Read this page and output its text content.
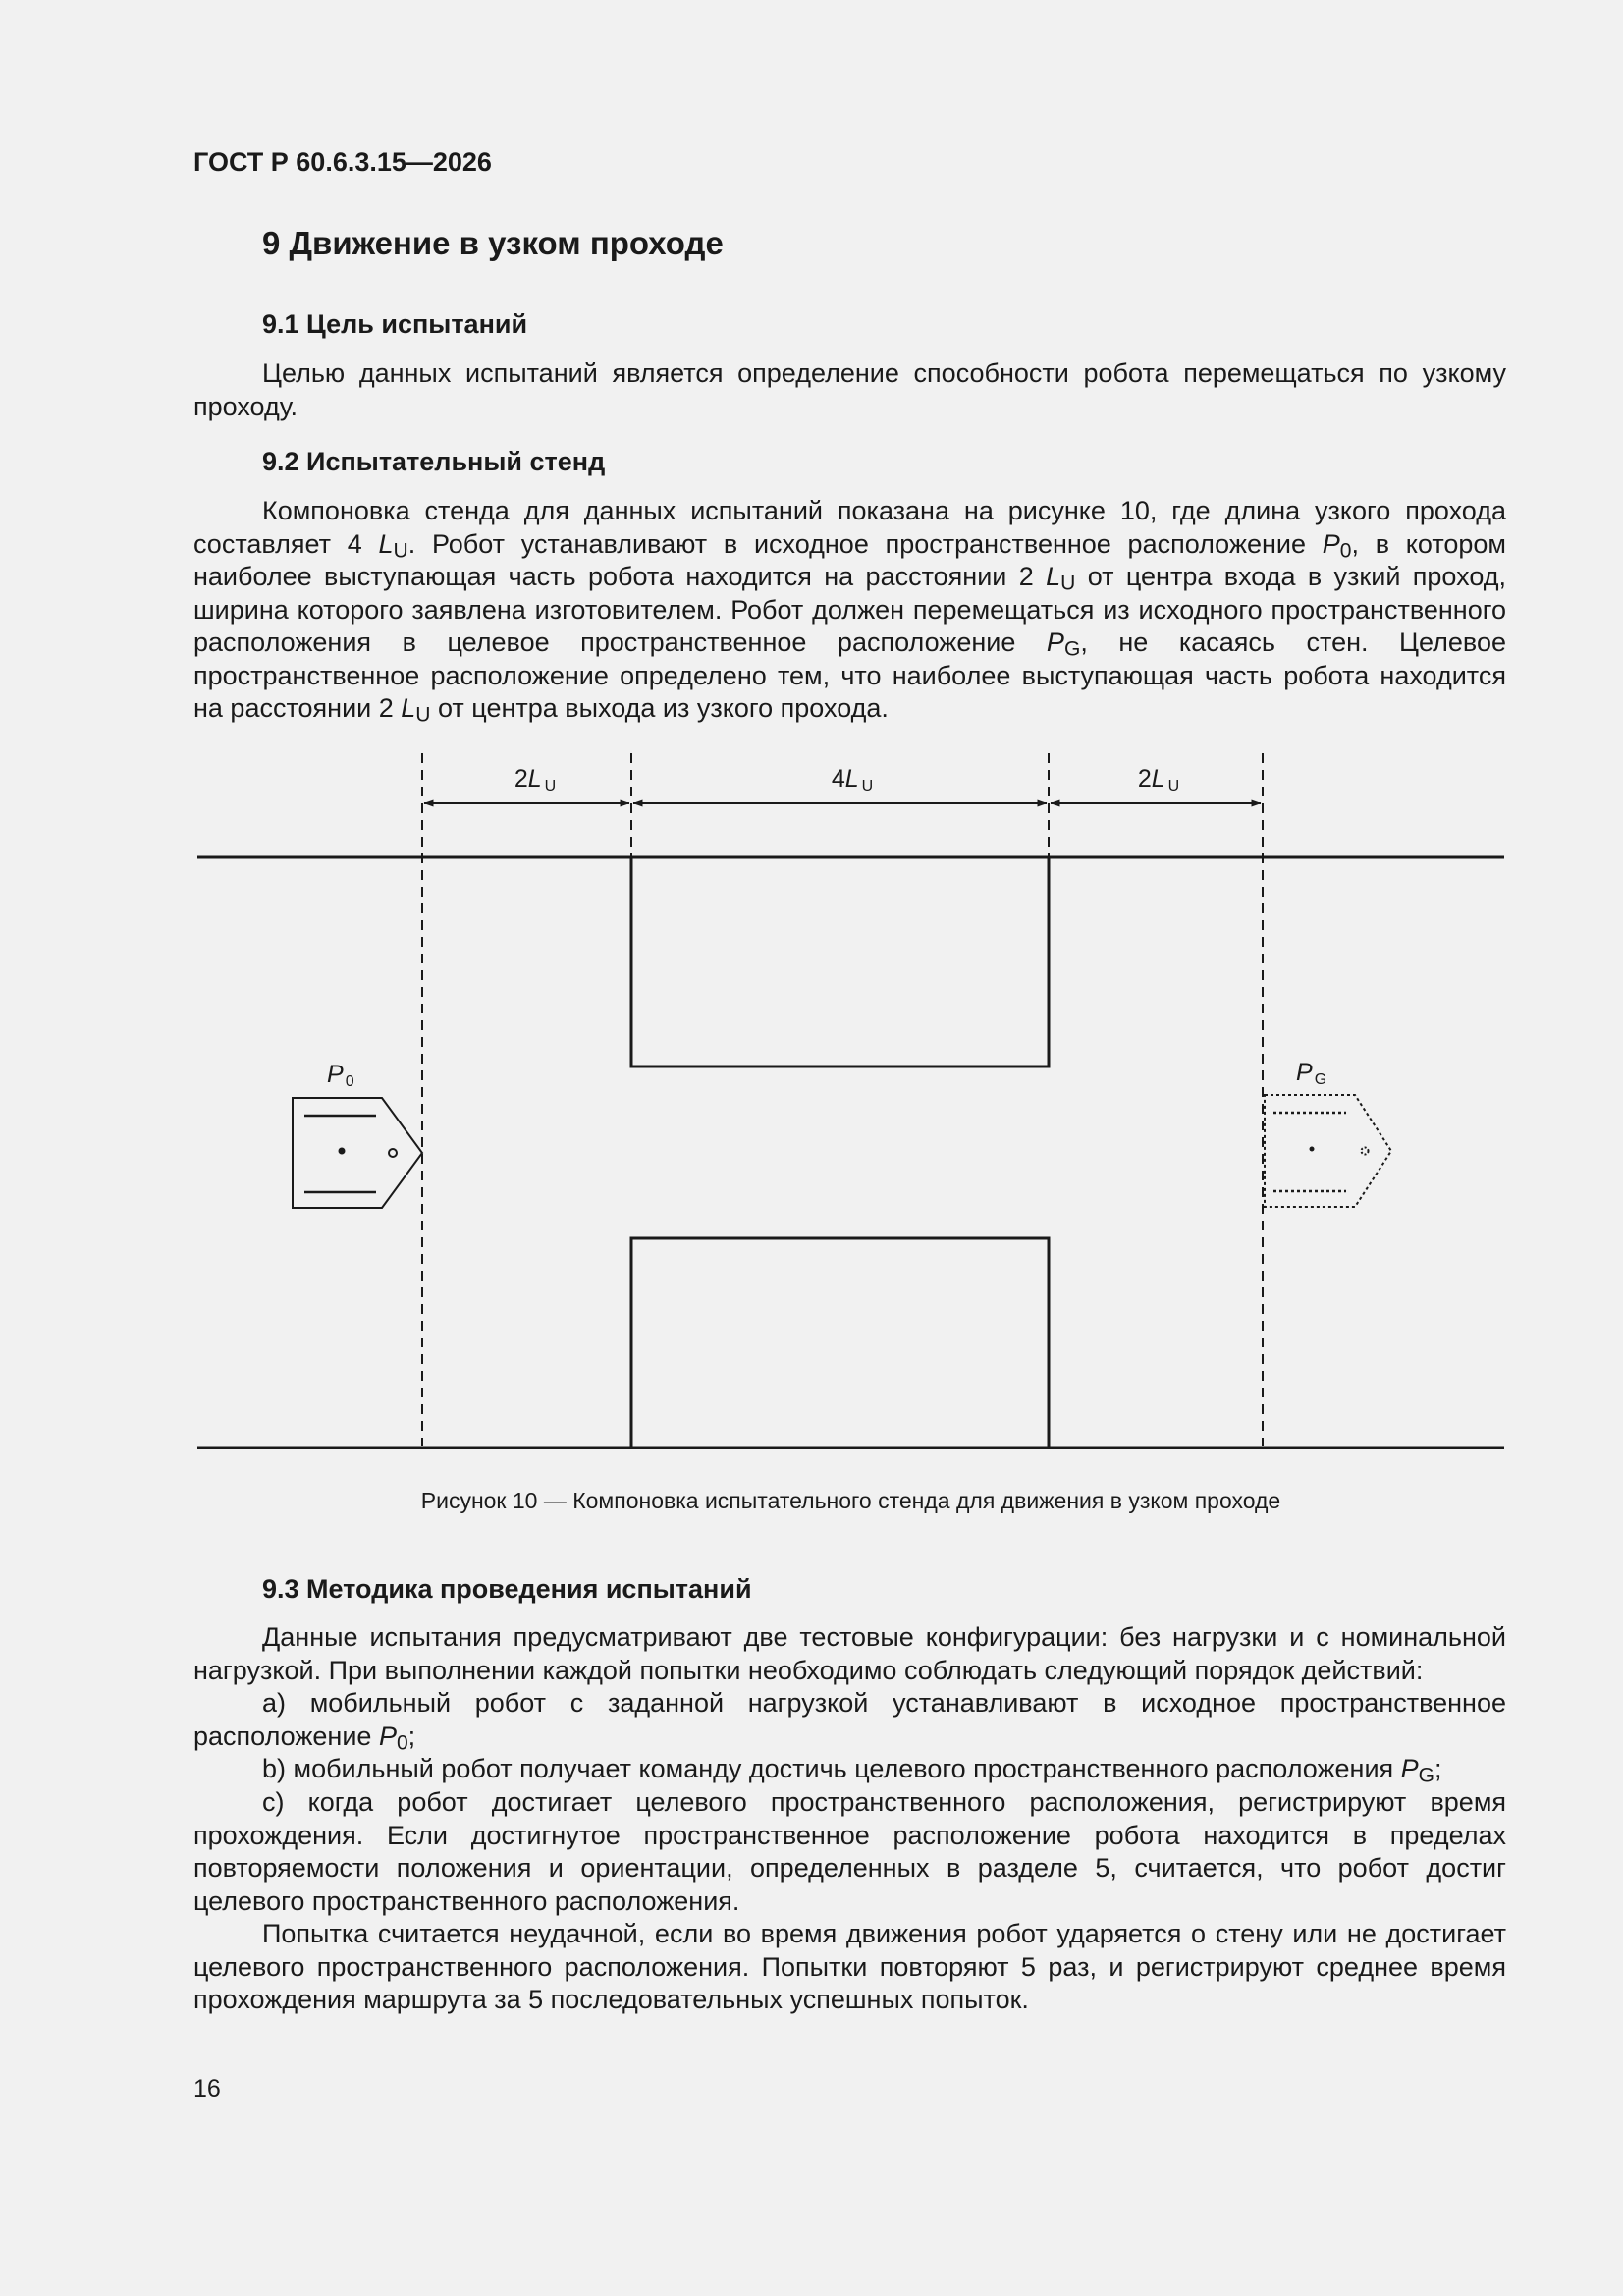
ГОСТ Р 60.6.3.15—2026
9 Движение в узком проходе
9.1 Цель испытаний
Целью данных испытаний является определение способности робота перемещаться по узкому проходу.
9.2 Испытательный стенд
Компоновка стенда для данных испытаний показана на рисунке 10, где длина узкого прохода составляет 4 $L_U$. Робот устанавливают в исходное пространственное расположение $P_0$, в котором наиболее выступающая часть робота находится на расстоянии 2 $L_U$ от центра входа в узкий проход, ширина которого заявлена изготовителем. Робот должен перемещаться из исходного пространственного расположения в целевое пространственное расположение $P_G$, не касаясь стен. Целевое пространственное расположение определено тем, что наиболее выступающая часть робота находится на расстоянии 2 $L_U$ от центра выхода из узкого прохода.
2L U	4L U	2L U
P 0	P G
Рисунок 10 — Компоновка испытательного стенда для движения в узком проходе
9.3 Методика проведения испытаний
Данные испытания предусматривают две тестовые конфигурации: без нагрузки и с номинальной нагрузкой. При выполнении каждой попытки необходимо соблюдать следующий порядок действий:
а) мобильный робот с заданной нагрузкой устанавливают в исходное пространственное расположение $P_0$;
b) мобильный робот получает команду достичь целевого пространственного расположения $P_G$;
с) когда робот достигает целевого пространственного расположения, регистрируют время прохождения. Если достигнутое пространственное расположение робота находится в пределах повторяемости положения и ориентации, определенных в разделе 5, считается, что робот достиг целевого пространственного расположения.
Попытка считается неудачной, если во время движения робот ударяется о стену или не достигает целевого пространственного расположения. Попытки повторяют 5 раз, и регистрируют среднее время прохождения маршрута за 5 последовательных успешных попыток.
16
